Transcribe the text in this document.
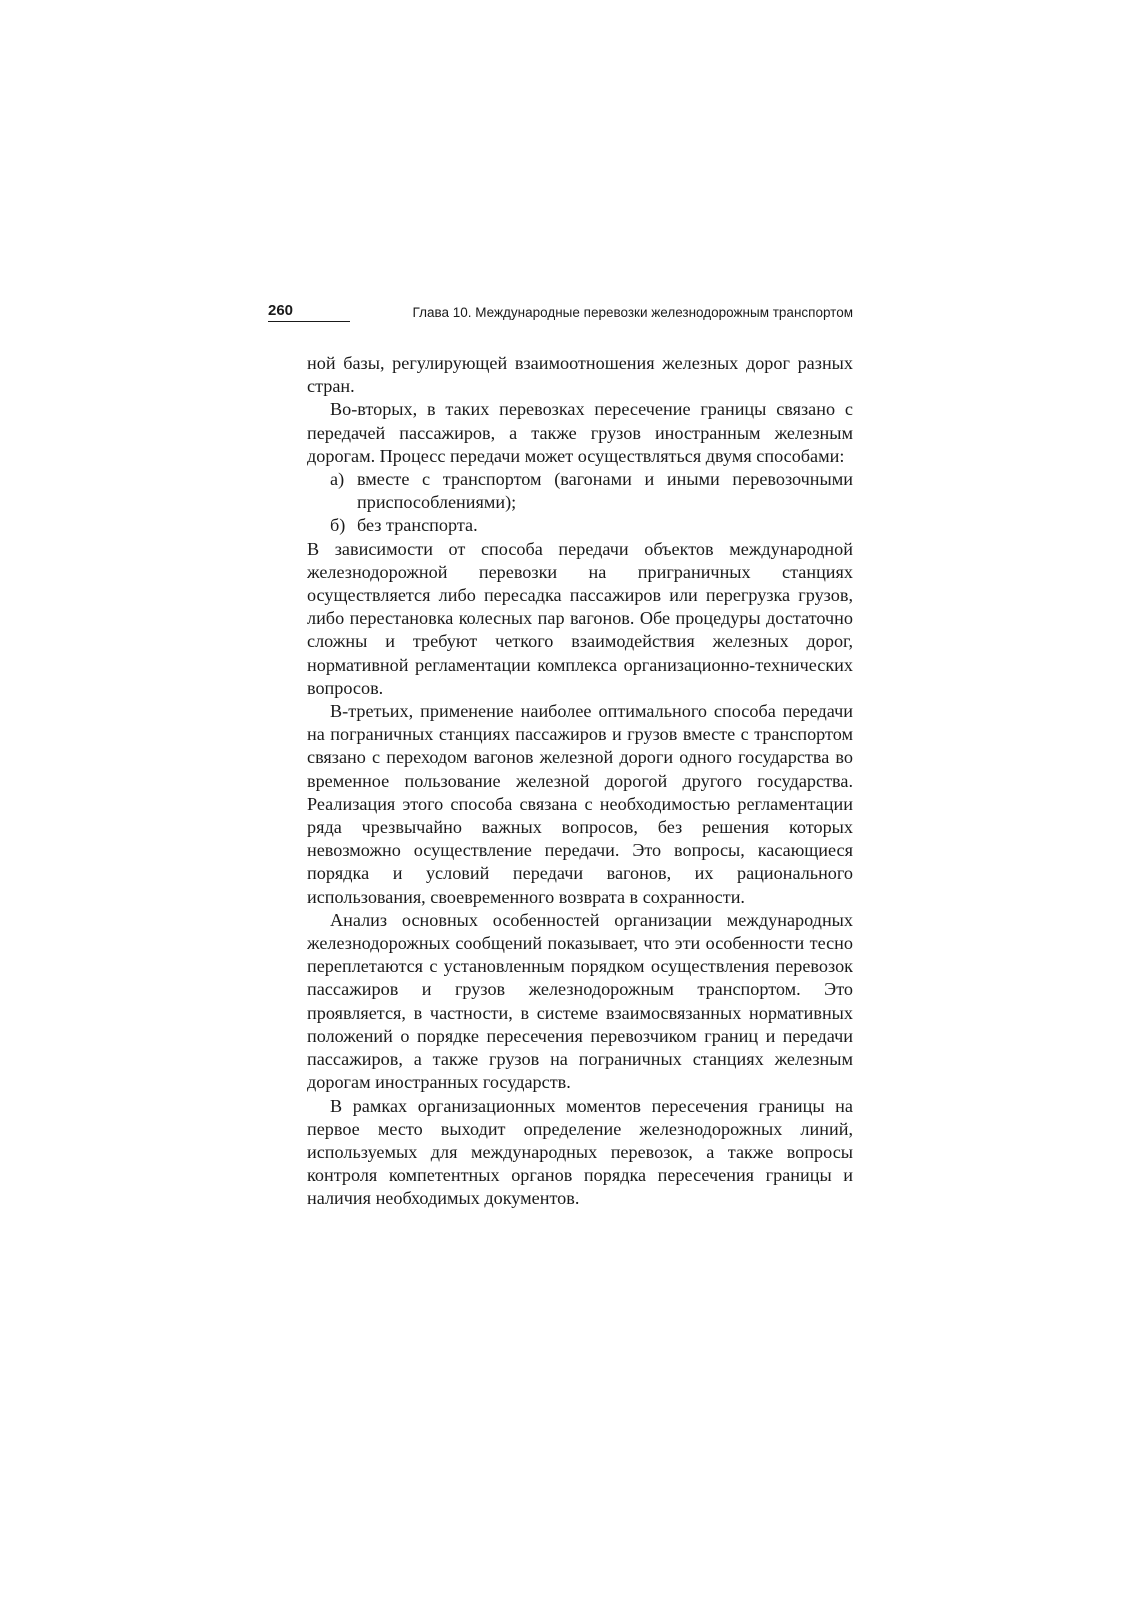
260	Глава 10. Международные перевозки железнодорожным транспортом

ной базы, регулирующей взаимоотношения железных дорог разных стран.

Во-вторых, в таких перевозках пересечение границы связано с передачей пассажиров, а также грузов иностранным железным дорогам. Процесс передачи может осуществляться двумя способами:

а) вместе с транспортом (вагонами и иными перевозочными приспособлениями);
б) без транспорта.

В зависимости от способа передачи объектов международной железнодорожной перевозки на приграничных станциях осуществляется либо пересадка пассажиров или перегрузка грузов, либо перестановка колесных пар вагонов. Обе процедуры достаточно сложны и требуют четкого взаимодействия железных дорог, нормативной регламентации комплекса организационно-технических вопросов.

В-третьих, применение наиболее оптимального способа передачи на пограничных станциях пассажиров и грузов вместе с транспортом связано с переходом вагонов железной дороги одного государства во временное пользование железной дорогой другого государства. Реализация этого способа связана с необходимостью регламентации ряда чрезвычайно важных вопросов, без решения которых невозможно осуществление передачи. Это вопросы, касающиеся порядка и условий передачи вагонов, их рационального использования, своевременного возврата в сохранности.

Анализ основных особенностей организации международных железнодорожных сообщений показывает, что эти особенности тесно переплетаются с установленным порядком осуществления перевозок пассажиров и грузов железнодорожным транспортом. Это проявляется, в частности, в системе взаимосвязанных нормативных положений о порядке пересечения перевозчиком границ и передачи пассажиров, а также грузов на пограничных станциях железным дорогам иностранных государств.

В рамках организационных моментов пересечения границы на первое место выходит определение железнодорожных линий, используемых для международных перевозок, а также вопросы контроля компетентных органов порядка пересечения границы и наличия необходимых документов.
